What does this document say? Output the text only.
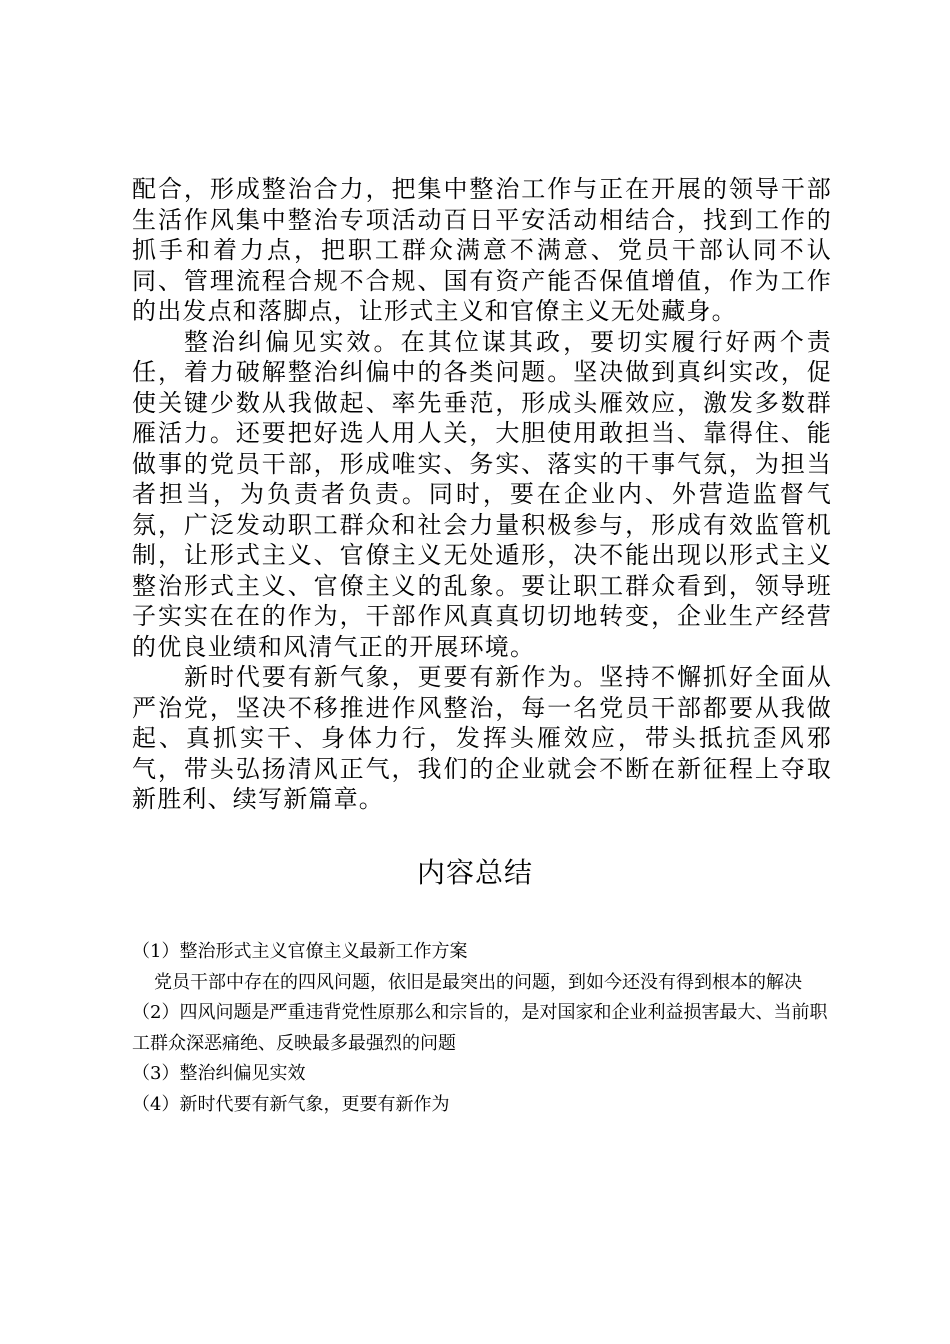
配合，形成整治合力，把集中整治工作与正在开展的领导干部生活作风集中整治专项活动百日平安活动相结合，找到工作的抓手和着力点，把职工群众满意不满意、党员干部认同不认同、管理流程合规不合规、国有资产能否保值增值，作为工作的出发点和落脚点，让形式主义和官僚主义无处藏身。

整治纠偏见实效。在其位谋其政，要切实履行好两个责任，着力破解整治纠偏中的各类问题。坚决做到真纠实改，促使关键少数从我做起、率先垂范，形成头雁效应，激发多数群雁活力。还要把好选人用人关，大胆使用敢担当、靠得住、能做事的党员干部，形成唯实、务实、落实的干事气氛，为担当者担当，为负责者负责。同时，要在企业内、外营造监督气氛，广泛发动职工群众和社会力量积极参与，形成有效监管机制，让形式主义、官僚主义无处遁形，决不能出现以形式主义整治形式主义、官僚主义的乱象。要让职工群众看到，领导班子实实在在的作为，干部作风真真切切地转变，企业生产经营的优良业绩和风清气正的开展环境。

新时代要有新气象，更要有新作为。坚持不懈抓好全面从严治党，坚决不移推进作风整治，每一名党员干部都要从我做起、真抓实干、身体力行，发挥头雁效应，带头抵抗歪风邪气，带头弘扬清风正气，我们的企业就会不断在新征程上夺取新胜利、续写新篇章。

内容总结

（1）整治形式主义官僚主义最新工作方案

党员干部中存在的四风问题，依旧是最突出的问题，到如今还没有得到根本的解决

（2）四风问题是严重违背党性原那么和宗旨的，是对国家和企业利益损害最大、当前职工群众深恶痛绝、反映最多最强烈的问题

（3）整治纠偏见实效

（4）新时代要有新气象，更要有新作为
